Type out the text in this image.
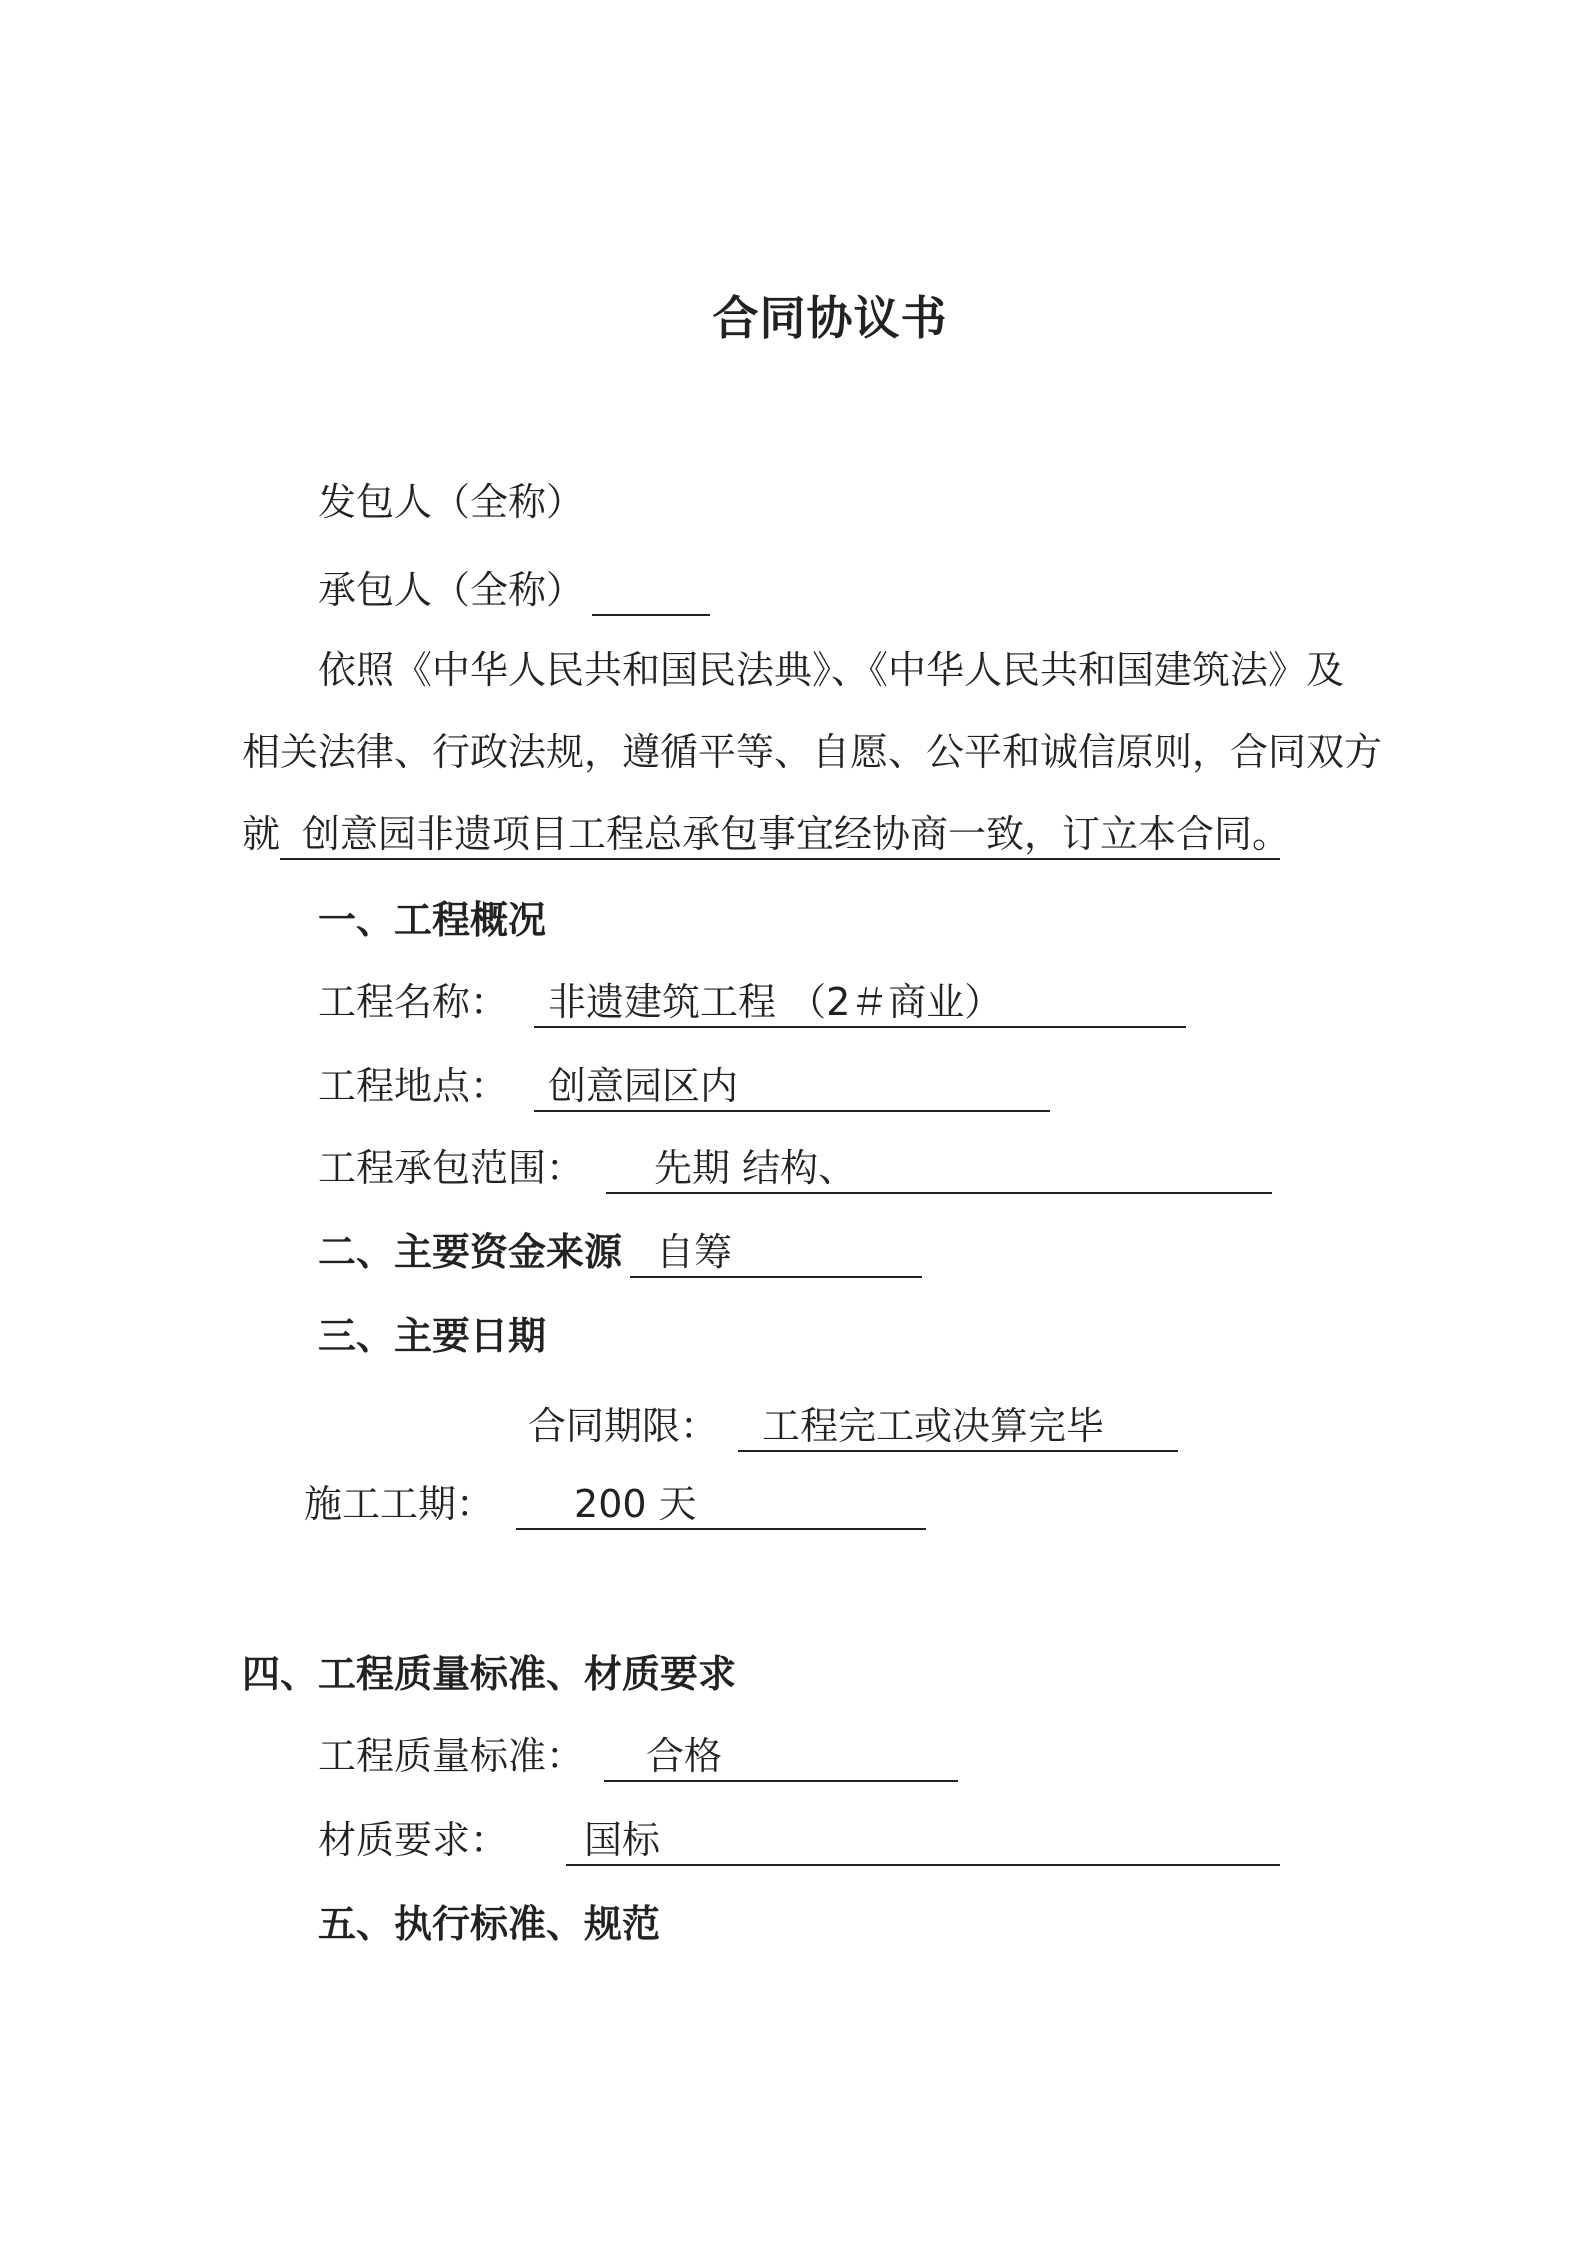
合同协议书
发包人（全称）
承包人（全称）
依照《中华人民共和国民法典》、《中华人民共和国建筑法》及
相关法律、行政法规，遵循平等、自愿、公平和诚信原则，合同双方
就 创意园非遗项目工程总承包事宜经协商一致，订立本合同。
一、工程概况
工程名称： 非遗建筑工程 （2＃商业）
工程地点： 创意园区内
工程承包范围： 先期 结构、
二、主要资金来源 自筹
三、主要日期
合同期限： 工程完工或决算完毕
施工工期： 200 天
四、工程质量标准、材质要求
工程质量标准： 合格
材质要求： 国标
五、执行标准、规范
